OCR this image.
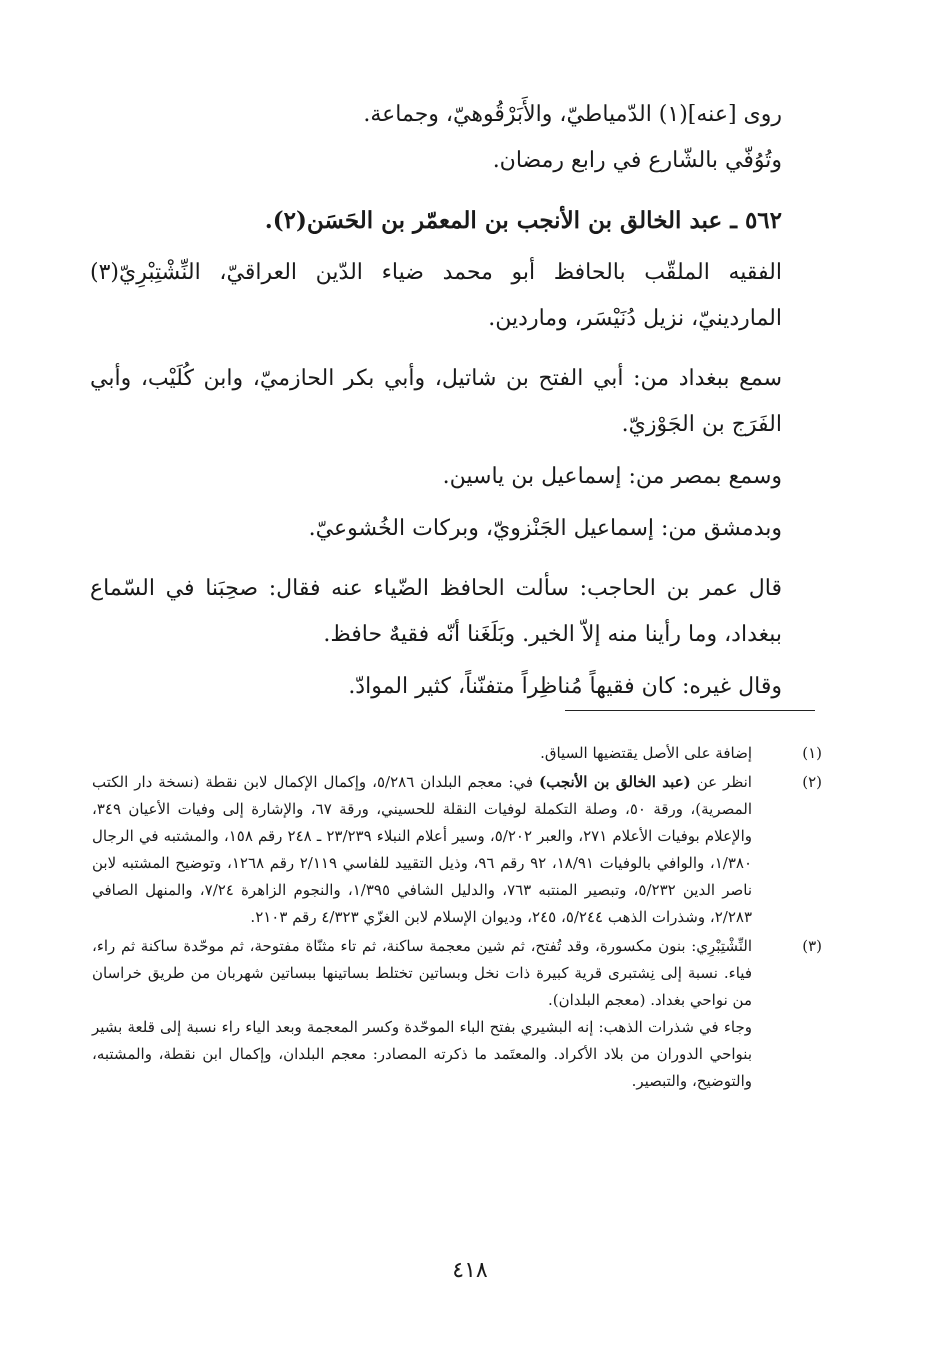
روى [عنه](١) الدّمياطيّ، والأَبَرْقُوهيّ، وجماعة.

وتُوُفّي بالشّارع في رابع رمضان.

٥٦٢ ـ عبد الخالق بن الأنجب بن المعمّر بن الحَسَن(٢).

الفقيه الملقّب بالحافظ أبو محمد ضياء الدّين العراقيّ، النِّشْتِبْرِيّ(٣) الماردينيّ، نزيل دُنَيْسَر، وماردين.

سمع ببغداد من: أبي الفتح بن شاتيل، وأبي بكر الحازميّ، وابن كُلَيْب، وأبي الفَرَج بن الجَوْزيّ.

وسمع بمصر من: إسماعيل بن ياسين.

وبدمشق من: إسماعيل الجَنْزويّ، وبركات الخُشوعيّ.

قال عمر بن الحاجب: سألت الحافظ الضّياء عنه فقال: صحِبَنا في السّماع ببغداد، وما رأينا منه إلاّ الخير. وبَلَغَنا أنّه فقيهٌ حافظ.

وقال غيره: كان فقيهاً مُناظِراً متفنّناً، كثير الموادّ.

(١)
إضافة على الأصل يقتضيها السياق.
(٢)
انظر عن (عبد الخالق بن الأنجب) في: معجم البلدان ٥/٢٨٦، وإكمال الإكمال لابن نقطة (نسخة دار الكتب المصرية)، ورقة ٥٠، وصلة التكملة لوفيات النقلة للحسيني، ورقة ٦٧، والإشارة إلى وفيات الأعيان ٣٤٩، والإعلام بوفيات الأعلام ٢٧١، والعبر ٥/٢٠٢، وسير أعلام النبلاء ٢٣/٢٣٩ ـ ٢٤٨ رقم ١٥٨، والمشتبه في الرجال ١/٣٨٠، والوافي بالوفيات ١٨/٩١، ٩٢ رقم ٩٦، وذيل التقييد للفاسي ٢/١١٩ رقم ١٢٦٨، وتوضيح المشتبه لابن ناصر الدين ٥/٢٣٢، وتبصير المنتبه ٧٦٣، والدليل الشافي ١/٣٩٥، والنجوم الزاهرة ٧/٢٤، والمنهل الصافي ٢/٢٨٣، وشذرات الذهب ٥/٢٤٤، ٢٤٥، وديوان الإسلام لابن الغزّي ٤/٣٢٣ رقم ٢١٠٣.
(٣)
النِّشْتِبْرِي: بنون مكسورة، وقد تُفتح، ثم شين معجمة ساكنة، ثم تاء مثنّاة مفتوحة، ثم موحّدة ساكنة ثم راء، فياء. نسبة إلى نِشتبرى قرية كبيرة ذات نخل وبساتين تختلط بساتينها ببساتين شهربان من طريق خراسان من نواحي بغداد. (معجم البلدان).
وجاء في شذرات الذهب: إنه البشيري بفتح الباء الموحّدة وكسر المعجمة وبعد الياء راء نسبة إلى قلعة بشير بنواحي الدوران من بلاد الأكراد. والمعتَمد ما ذكرته المصادر: معجم البلدان، وإكمال ابن نقطة، والمشتبه، والتوضيح، والتبصير.
٤١٨
